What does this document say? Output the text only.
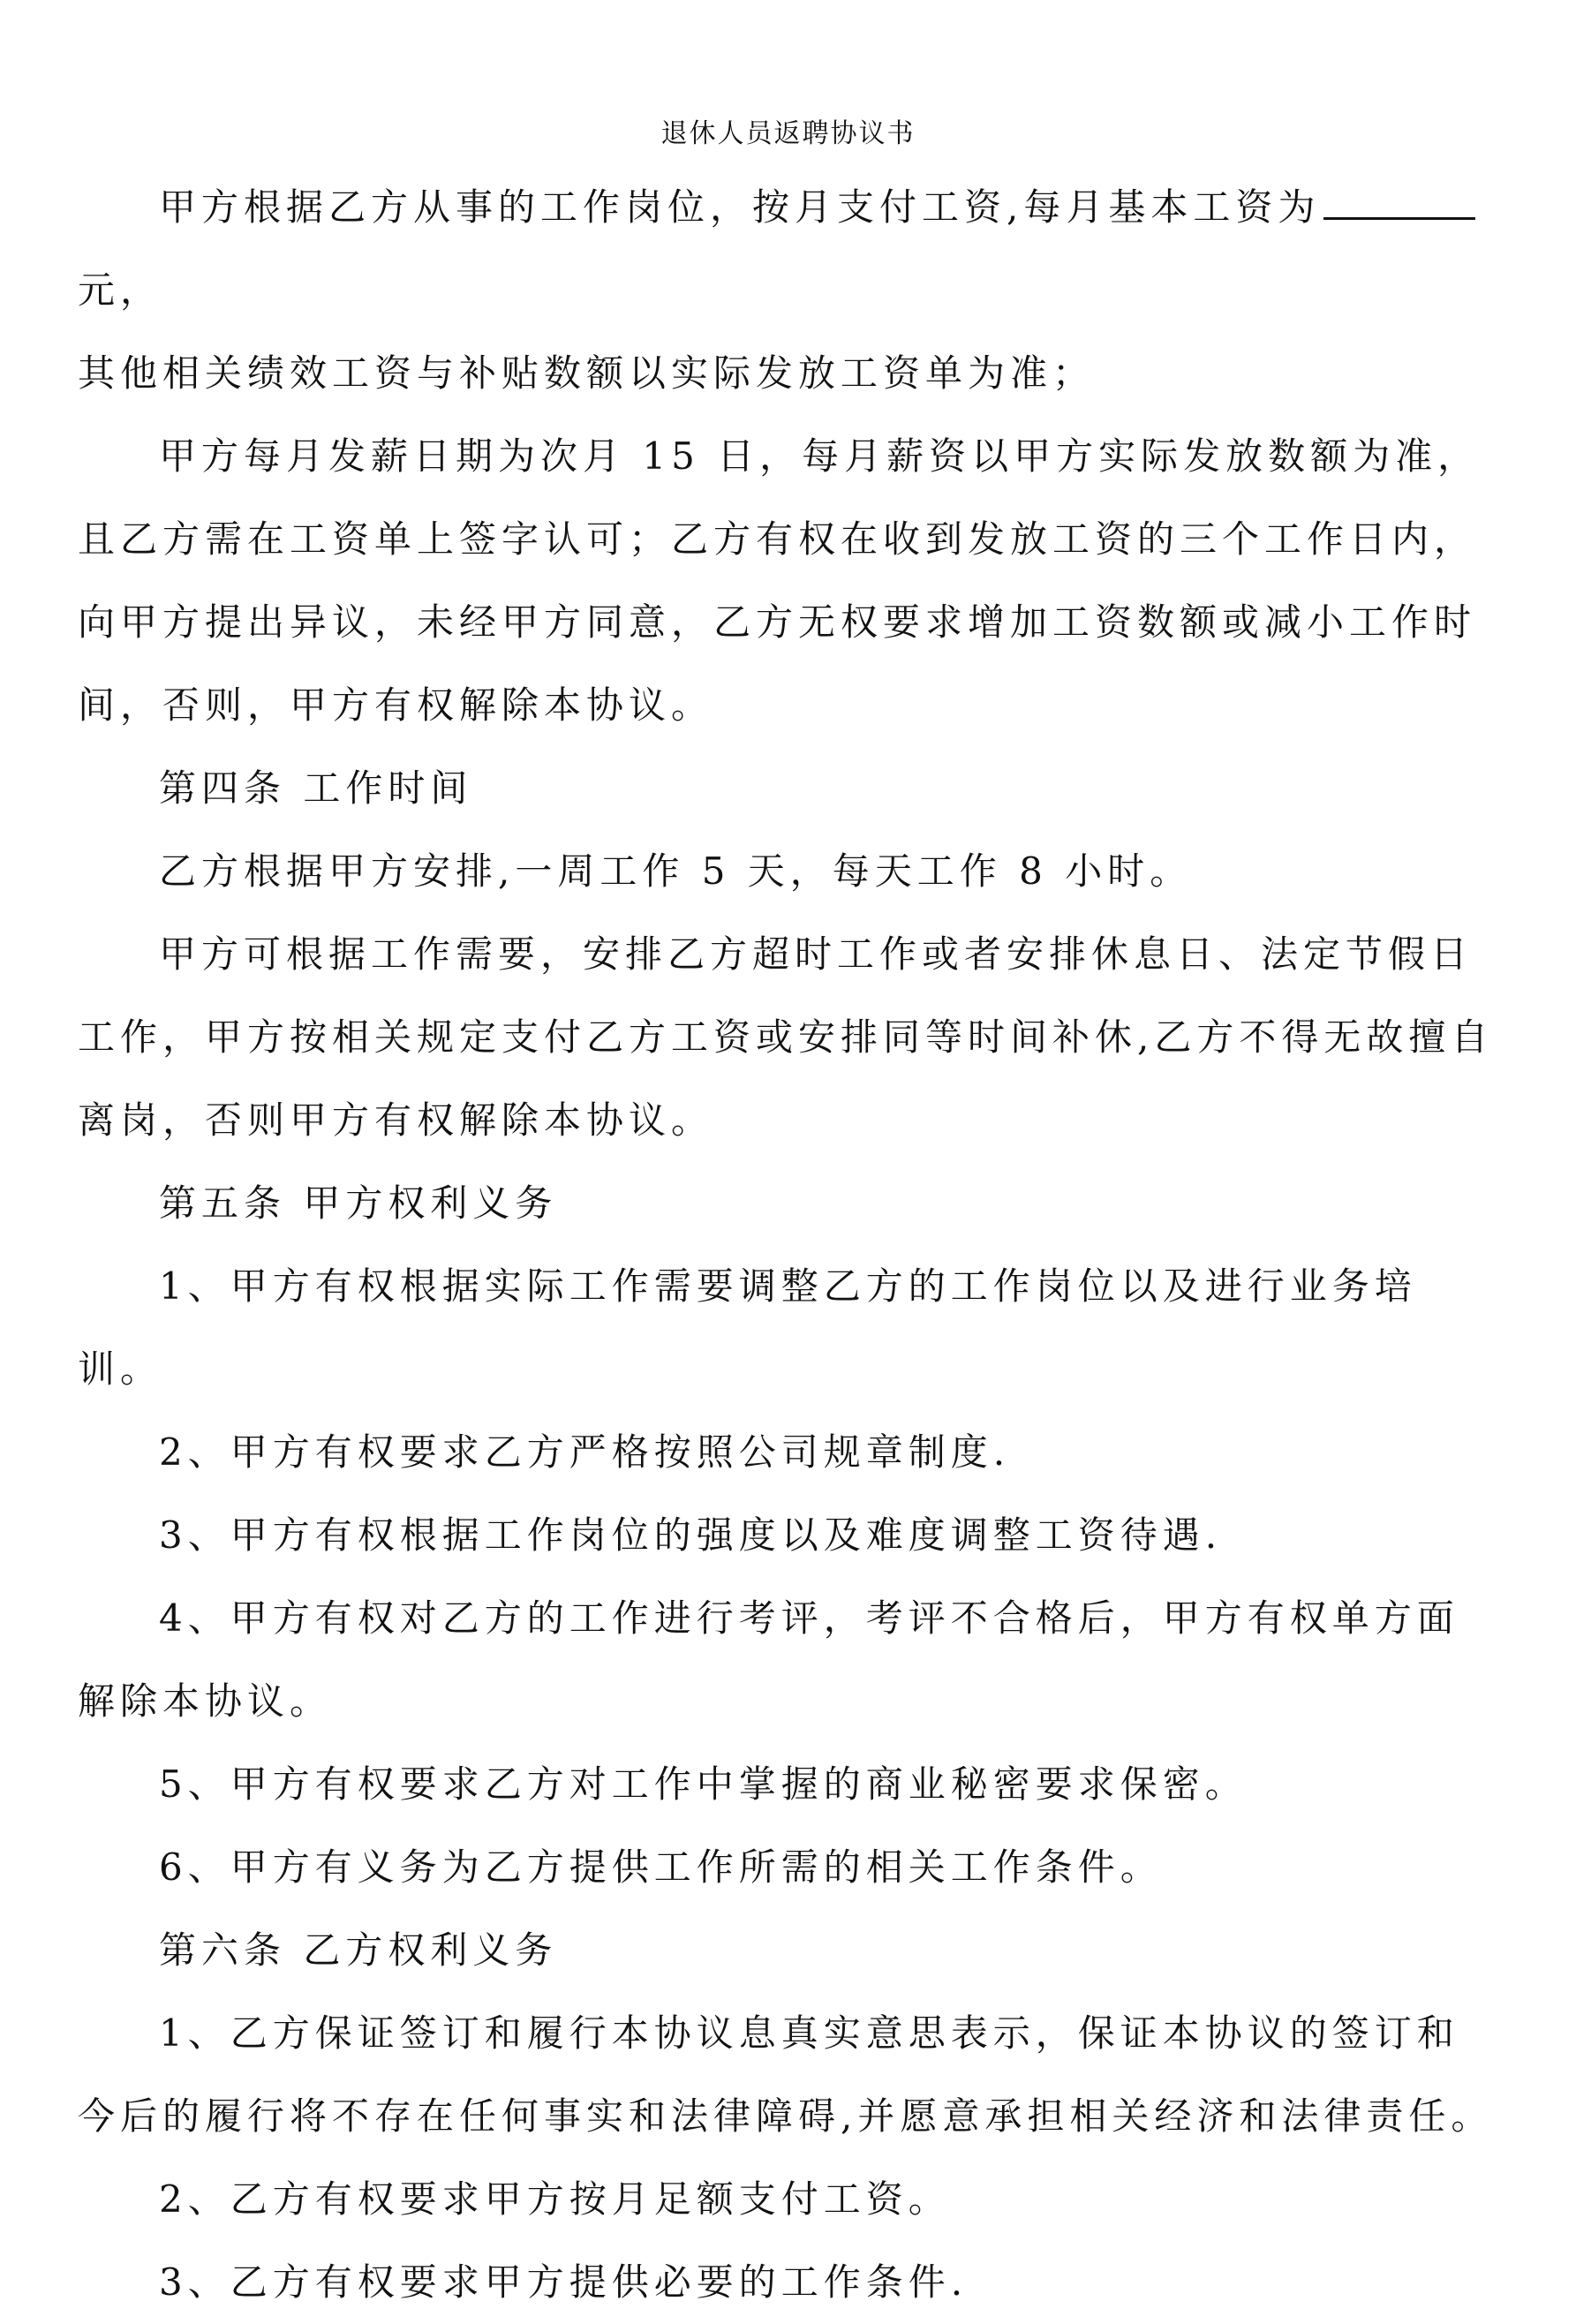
退休人员返聘协议书

甲方根据乙方从事的工作岗位，按月支付工资,每月基本工资为元，
其他相关绩效工资与补贴数额以实际发放工资单为准；

甲方每月发薪日期为次月 15 日，每月薪资以甲方实际发放数额为准，且乙方需在工资单上签字认可；乙方有权在收到发放工资的三个工作日内，向甲方提出异议，未经甲方同意，乙方无权要求增加工资数额或减小工作时间，否则，甲方有权解除本协议。

第四条 工作时间

乙方根据甲方安排,一周工作 5 天，每天工作 8 小时。

甲方可根据工作需要，安排乙方超时工作或者安排休息日、法定节假日工作，甲方按相关规定支付乙方工资或安排同等时间补休,乙方不得无故擅自离岗，否则甲方有权解除本协议。

第五条 甲方权利义务

1、甲方有权根据实际工作需要调整乙方的工作岗位以及进行业务培训。

2、甲方有权要求乙方严格按照公司规章制度.

3、甲方有权根据工作岗位的强度以及难度调整工资待遇.

4、甲方有权对乙方的工作进行考评，考评不合格后，甲方有权单方面解除本协议。

5、甲方有权要求乙方对工作中掌握的商业秘密要求保密。

6、甲方有义务为乙方提供工作所需的相关工作条件。

第六条 乙方权利义务

1、乙方保证签订和履行本协议息真实意思表示，保证本协议的签订和今后的履行将不存在任何事实和法律障碍,并愿意承担相关经济和法律责任。

2、乙方有权要求甲方按月足额支付工资。

3、乙方有权要求甲方提供必要的工作条件.
